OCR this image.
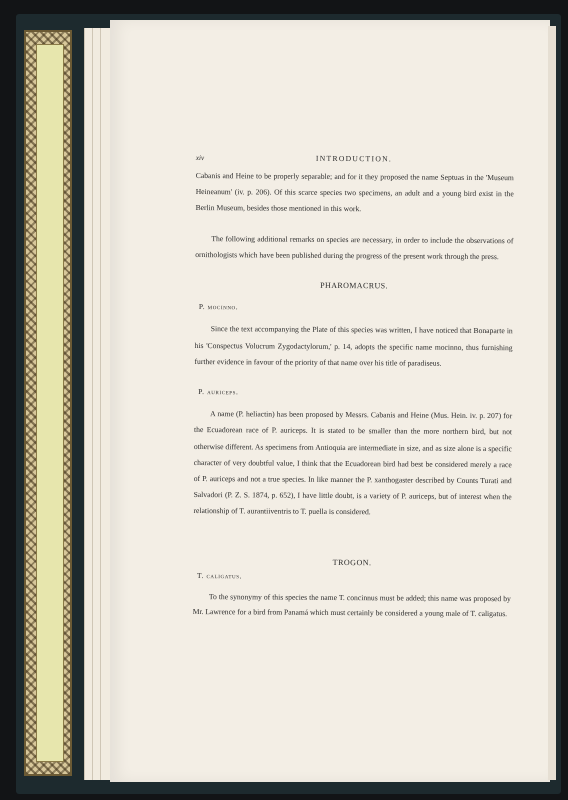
xiv	INTRODUCTION.

Cabanis and Heine to be properly separable; and for it they proposed the name Septuas in the 'Museum Heineanum' (iv. p. 206). Of this scarce species two specimens, an adult and a young bird exist in the Berlin Museum, besides those mentioned in this work.

The following additional remarks on species are necessary, in order to include the observations of ornithologists which have been published during the progress of the present work through the press.

PHAROMACRUS.
P. mocinno.

Since the text accompanying the Plate of this species was written, I have noticed that Bonaparte in his 'Conspectus Volucrum Zygodactylorum,' p. 14, adopts the specific name mocinno, thus furnishing further evidence in favour of the priority of that name over his title of paradiseus.

P. auriceps.

A name (P. heliactin) has been proposed by Messrs. Cabanis and Heine (Mus. Hein. iv. p. 207) for the Ecuadorean race of P. auriceps. It is stated to be smaller than the more northern bird, but not otherwise different. As specimens from Antioquia are intermediate in size, and as size alone is a specific character of very doubtful value, I think that the Ecuadorean bird had best be considered merely a race of P. auriceps and not a true species. In like manner the P. xanthogaster described by Counts Turati and Salvadori (P. Z. S. 1874, p. 652), I have little doubt, is a variety of P. auriceps, but of interest when the relationship of T. aurantiiventris to T. puella is considered.

TROGON.
T. caligatus.

To the synonymy of this species the name T. concinnus must be added; this name was proposed by Mr. Lawrence for a bird from Panamá which must certainly be considered a young male of T. caligatus.
